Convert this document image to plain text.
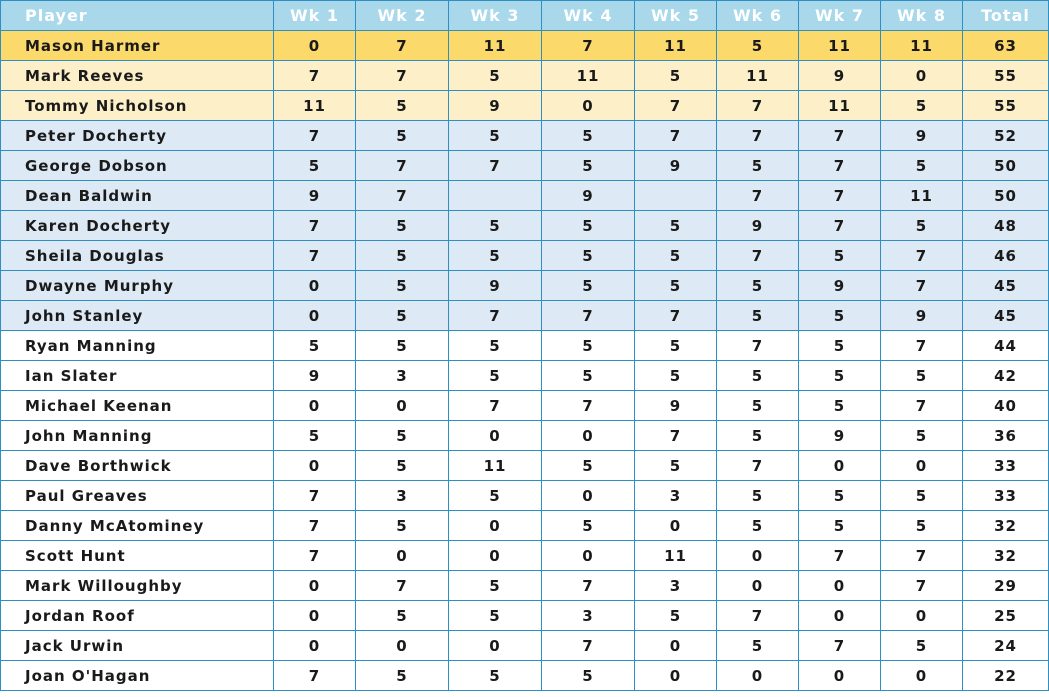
Player	Wk 1	Wk 2	Wk 3	Wk 4	Wk 5	Wk 6	Wk 7	Wk 8	Total
Mason Harmer	0	7	11	7	11	5	11	11	63
Mark Reeves	7	7	5	11	5	11	9	0	55
Tommy Nicholson	11	5	9	0	7	7	11	5	55
Peter Docherty	7	5	5	5	7	7	7	9	52
George Dobson	5	7	7	5	9	5	7	5	50
Dean Baldwin	9	7		9		7	7	11	50
Karen Docherty	7	5	5	5	5	9	7	5	48
Sheila Douglas	7	5	5	5	5	7	5	7	46
Dwayne Murphy	0	5	9	5	5	5	9	7	45
John Stanley	0	5	7	7	7	5	5	9	45
Ryan Manning	5	5	5	5	5	7	5	7	44
Ian Slater	9	3	5	5	5	5	5	5	42
Michael Keenan	0	0	7	7	9	5	5	7	40
John Manning	5	5	0	0	7	5	9	5	36
Dave Borthwick	0	5	11	5	5	7	0	0	33
Paul Greaves	7	3	5	0	3	5	5	5	33
Danny McAtominey	7	5	0	5	0	5	5	5	32
Scott Hunt	7	0	0	0	11	0	7	7	32
Mark Willoughby	0	7	5	7	3	0	0	7	29
Jordan Roof	0	5	5	3	5	7	0	0	25
Jack Urwin	0	0	0	7	0	5	7	5	24
Joan O'Hagan	7	5	5	5	0	0	0	0	22
